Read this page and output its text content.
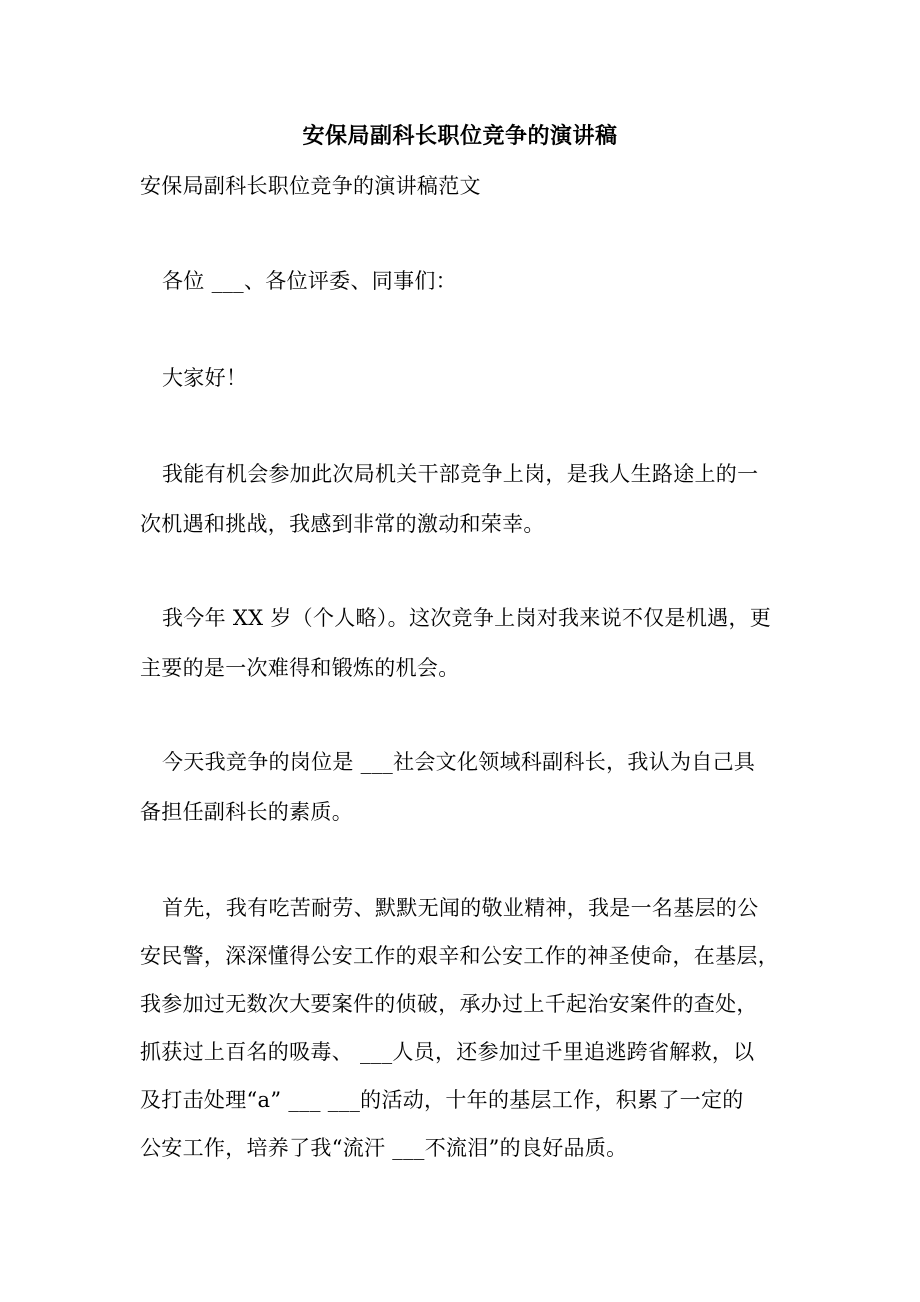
安保局副科长职位竞争的演讲稿
安保局副科长职位竞争的演讲稿范文
各位 ___、各位评委、同事们：
大家好！
我能有机会参加此次局机关干部竞争上岗，是我人生路途上的一
次机遇和挑战，我感到非常的激动和荣幸。
我今年 XX 岁（个人略）。这次竞争上岗对我来说不仅是机遇，更
主要的是一次难得和锻炼的机会。
今天我竞争的岗位是 ___社会文化领域科副科长，我认为自己具
备担任副科长的素质。
首先，我有吃苦耐劳、默默无闻的敬业精神，我是一名基层的公
安民警，深深懂得公安工作的艰辛和公安工作的神圣使命，在基层，
我参加过无数次大要案件的侦破，承办过上千起治安案件的查处，
抓获过上百名的吸毒、 ___人员，还参加过千里追逃跨省解救，以
及打击处理“a” ___ ___的活动，十年的基层工作，积累了一定的
公安工作，培养了我“流汗 ___不流泪”的良好品质。
